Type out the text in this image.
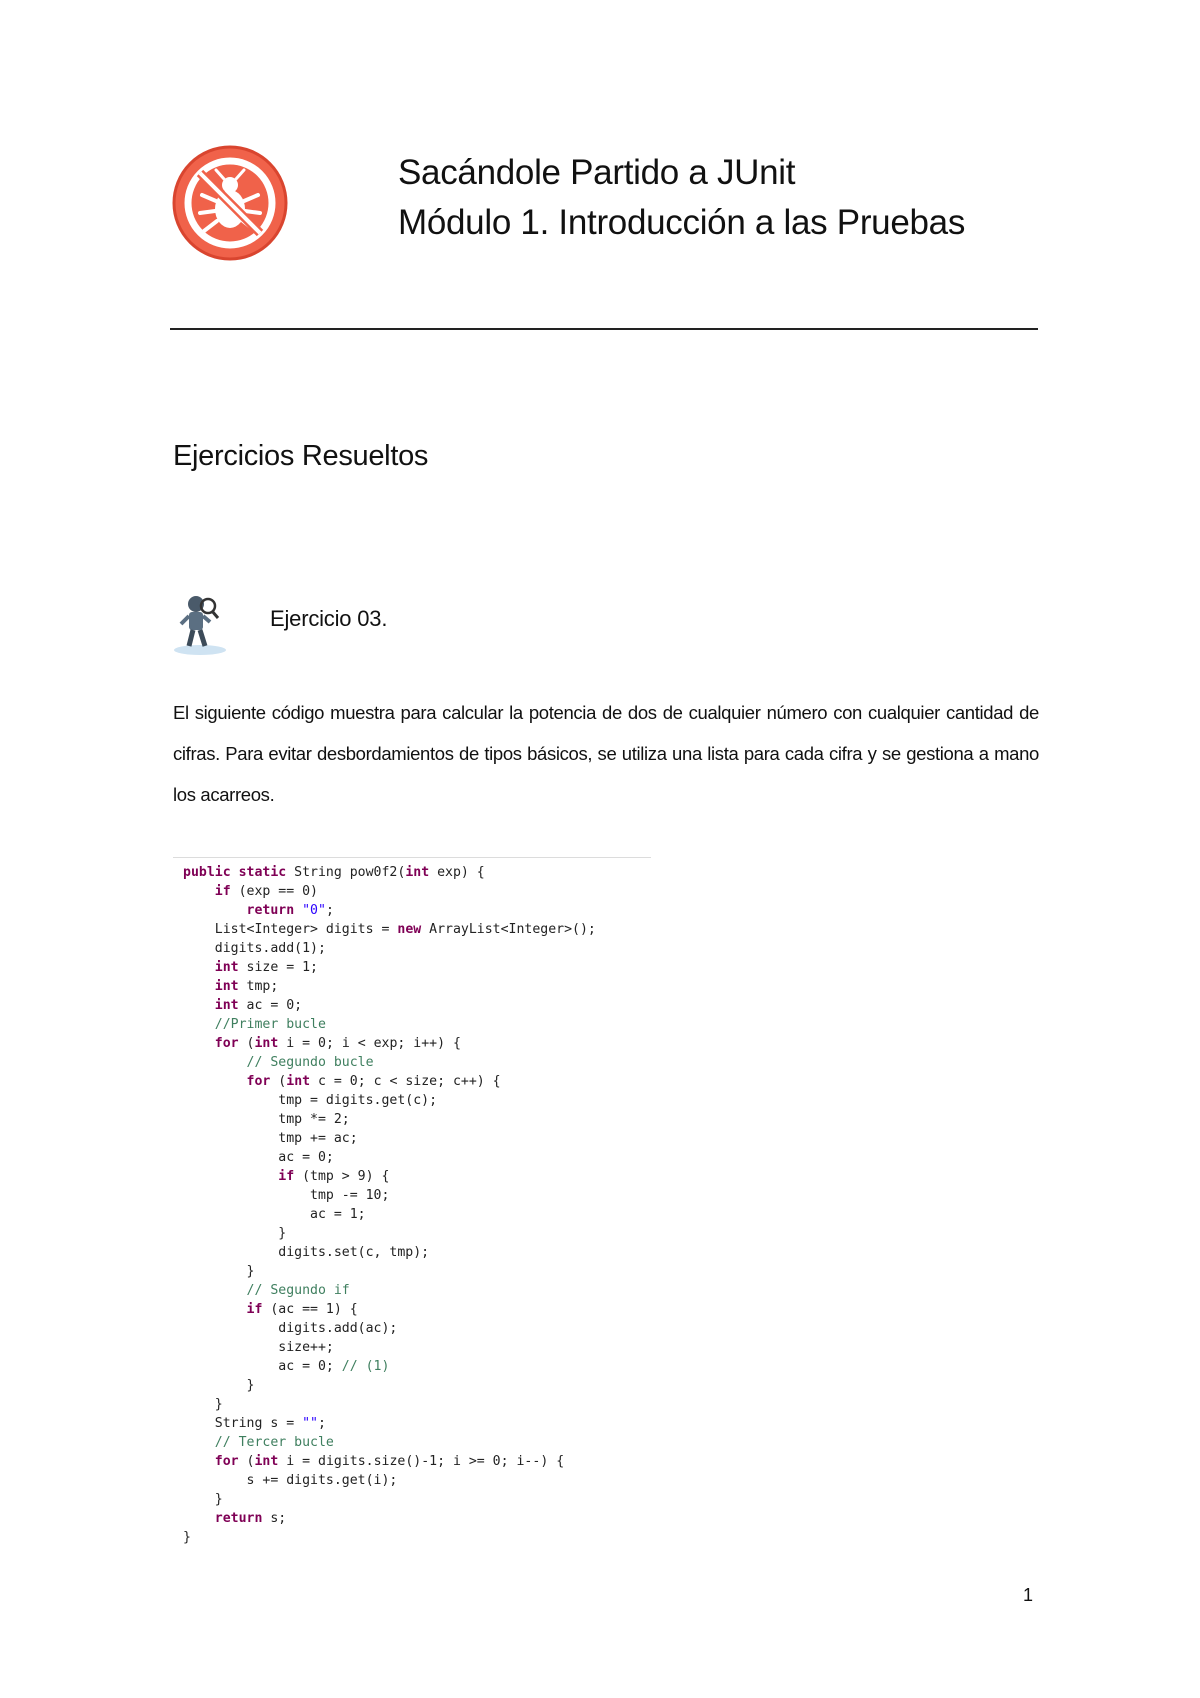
Sacándole Partido a JUnit
Módulo 1. Introducción a las Pruebas
Ejercicios Resueltos
Ejercicio 03.
El siguiente código muestra para calcular la potencia de dos de cualquier número con cualquier cantidad de cifras. Para evitar desbordamientos de tipos básicos, se utiliza una lista para cada cifra y se gestiona a mano los acarreos.
public static String pow0f2(int exp) {
if (exp == 0)
return "0";
List<Integer> digits = new ArrayList<Integer>();
digits.add(1);
int size = 1;
int tmp;
int ac = 0;
//Primer bucle
for (int i = 0; i < exp; i++) {
// Segundo bucle
for (int c = 0; c < size; c++) {
tmp = digits.get(c);
tmp *= 2;
tmp += ac;
ac = 0;
if (tmp > 9) {
tmp -= 10;
ac = 1;
}
digits.set(c, tmp);
}
// Segundo if
if (ac == 1) {
digits.add(ac);
size++;
ac = 0; // (1)
}
}
String s = "";
// Tercer bucle
for (int i = digits.size()-1; i >= 0; i--) {
s += digits.get(i);
}
return s;
}
1
